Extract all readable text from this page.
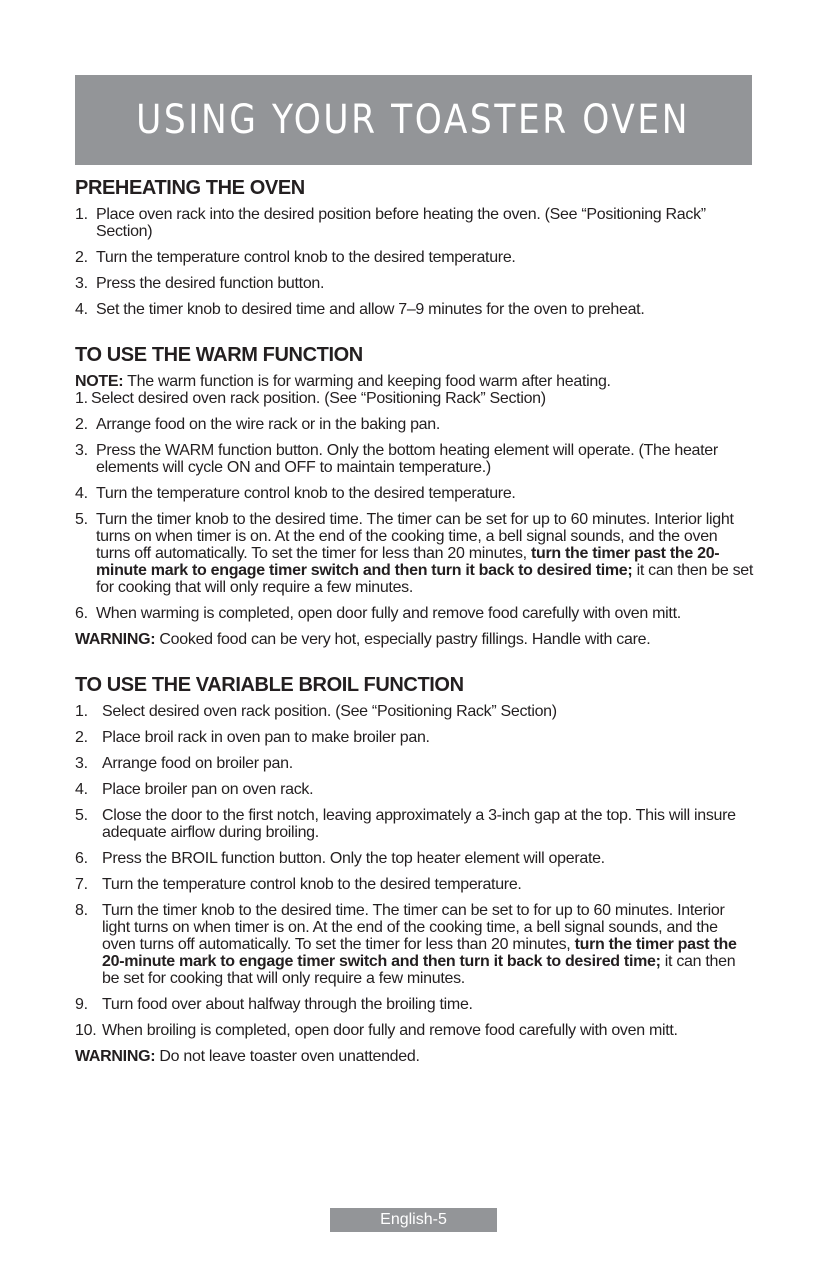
USING YOUR TOASTER OVEN
PREHEATING THE OVEN
1. Place oven rack into the desired position before heating the oven. (See “Positioning Rack” Section)
2. Turn the temperature control knob to the desired temperature.
3. Press the desired function button.
4. Set the timer knob to desired time and allow 7–9 minutes for the oven to preheat.
TO USE THE WARM FUNCTION
NOTE: The warm function is for warming and keeping food warm after heating.
1. Select desired oven rack position. (See “Positioning Rack” Section)
2. Arrange food on the wire rack or in the baking pan.
3. Press the WARM function button. Only the bottom heating element will operate. (The heater elements will cycle ON and OFF to maintain temperature.)
4. Turn the temperature control knob to the desired temperature.
5. Turn the timer knob to the desired time. The timer can be set for up to 60 minutes. Interior light turns on when timer is on. At the end of the cooking time, a bell signal sounds, and the oven turns off automatically. To set the timer for less than 20 minutes, turn the timer past the 20-minute mark to engage timer switch and then turn it back to desired time; it can then be set for cooking that will only require a few minutes.
6. When warming is completed, open door fully and remove food carefully with oven mitt.
WARNING: Cooked food can be very hot, especially pastry fillings. Handle with care.
TO USE THE VARIABLE BROIL FUNCTION
1. Select desired oven rack position. (See “Positioning Rack” Section)
2. Place broil rack in oven pan to make broiler pan.
3. Arrange food on broiler pan.
4. Place broiler pan on oven rack.
5. Close the door to the first notch, leaving approximately a 3-inch gap at the top. This will insure adequate airflow during broiling.
6. Press the BROIL function button. Only the top heater element will operate.
7. Turn the temperature control knob to the desired temperature.
8. Turn the timer knob to the desired time. The timer can be set to for up to 60 minutes. Interior light turns on when timer is on. At the end of the cooking time, a bell signal sounds, and the oven turns off automatically. To set the timer for less than 20 minutes, turn the timer past the 20-minute mark to engage timer switch and then turn it back to desired time; it can then be set for cooking that will only require a few minutes.
9. Turn food over about halfway through the broiling time.
10. When broiling is completed, open door fully and remove food carefully with oven mitt.
WARNING: Do not leave toaster oven unattended.
English-5
